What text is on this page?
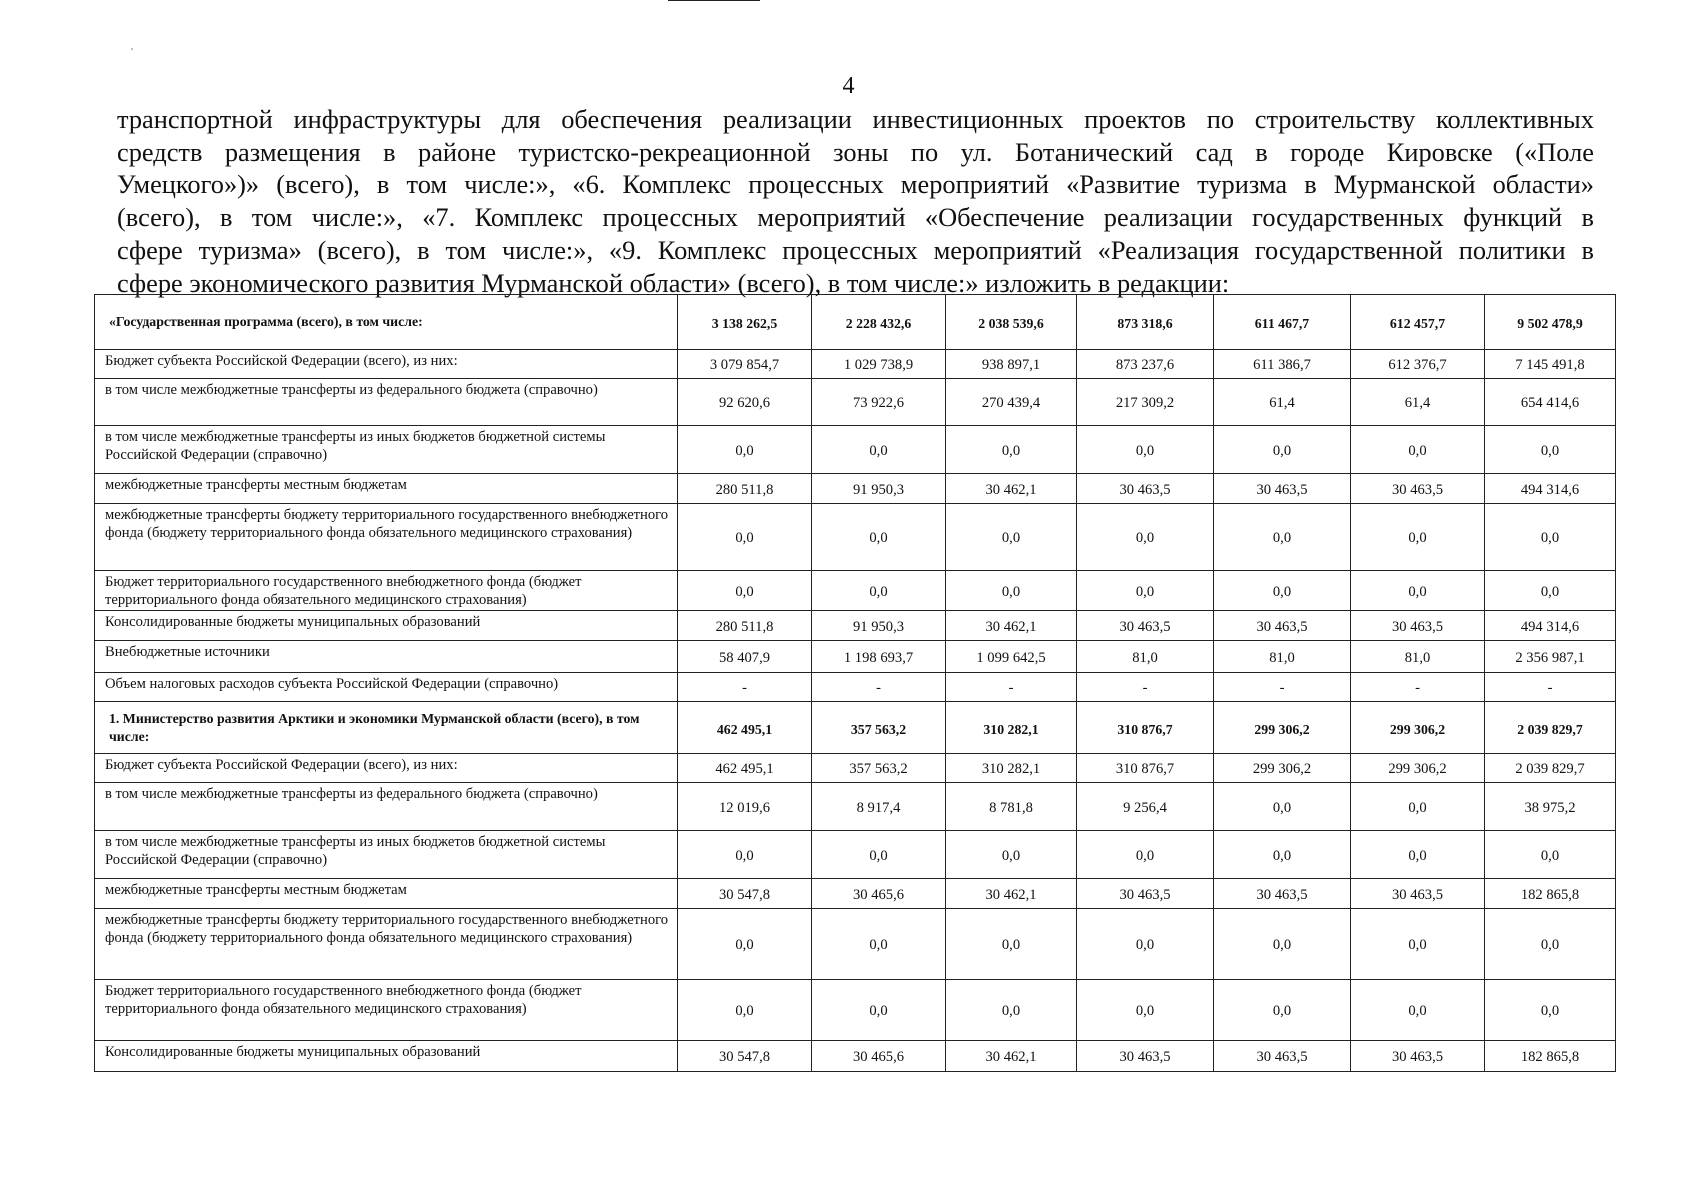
4
транспортной инфраструктуры для обеспечения реализации инвестиционных проектов по строительству коллективных
средств размещения в районе туристско-рекреационной зоны по ул. Ботанический сад в городе Кировске («Поле
Умецкого»)» (всего), в том числе:», «6. Комплекс процессных мероприятий «Развитие туризма в Мурманской области»
(всего), в том числе:», «7. Комплекс процессных мероприятий «Обеспечение реализации государственных функций в
сфере туризма» (всего), в том числе:», «9. Комплекс процессных мероприятий «Реализация государственной политики в
сфере экономического развития Мурманской области» (всего), в том числе:» изложить в редакции:
«Государственная программа (всего), в том числе:	3 138 262,5	2 228 432,6	2 038 539,6	873 318,6	611 467,7	612 457,7	9 502 478,9
Бюджет субъекта Российской Федерации (всего), из них:	3 079 854,7	1 029 738,9	938 897,1	873 237,6	611 386,7	612 376,7	7 145 491,8
в том числе межбюджетные трансферты из федерального бюджета (справочно)	92 620,6	73 922,6	270 439,4	217 309,2	61,4	61,4	654 414,6
в том числе межбюджетные трансферты из иных бюджетов бюджетной системы Российской Федерации (справочно)	0,0	0,0	0,0	0,0	0,0	0,0	0,0
межбюджетные трансферты местным бюджетам	280 511,8	91 950,3	30 462,1	30 463,5	30 463,5	30 463,5	494 314,6
межбюджетные трансферты бюджету территориального государственного внебюджетного фонда (бюджету территориального фонда обязательного медицинского страхования)	0,0	0,0	0,0	0,0	0,0	0,0	0,0
Бюджет территориального государственного внебюджетного фонда (бюджет территориального фонда обязательного медицинского страхования)	0,0	0,0	0,0	0,0	0,0	0,0	0,0
Консолидированные бюджеты муниципальных образований	280 511,8	91 950,3	30 462,1	30 463,5	30 463,5	30 463,5	494 314,6
Внебюджетные источники	58 407,9	1 198 693,7	1 099 642,5	81,0	81,0	81,0	2 356 987,1
Объем налоговых расходов субъекта Российской Федерации (справочно)	-	-	-	-	-	-	-
1. Министерство развития Арктики и экономики Мурманской области (всего), в том числе:	462 495,1	357 563,2	310 282,1	310 876,7	299 306,2	299 306,2	2 039 829,7
Бюджет субъекта Российской Федерации (всего), из них:	462 495,1	357 563,2	310 282,1	310 876,7	299 306,2	299 306,2	2 039 829,7
в том числе межбюджетные трансферты из федерального бюджета (справочно)	12 019,6	8 917,4	8 781,8	9 256,4	0,0	0,0	38 975,2
в том числе межбюджетные трансферты из иных бюджетов бюджетной системы Российской Федерации (справочно)	0,0	0,0	0,0	0,0	0,0	0,0	0,0
межбюджетные трансферты местным бюджетам	30 547,8	30 465,6	30 462,1	30 463,5	30 463,5	30 463,5	182 865,8
межбюджетные трансферты бюджету территориального государственного внебюджетного фонда (бюджету территориального фонда обязательного медицинского страхования)	0,0	0,0	0,0	0,0	0,0	0,0	0,0
Бюджет территориального государственного внебюджетного фонда (бюджет территориального фонда обязательного медицинского страхования)	0,0	0,0	0,0	0,0	0,0	0,0	0,0
Консолидированные бюджеты муниципальных образований	30 547,8	30 465,6	30 462,1	30 463,5	30 463,5	30 463,5	182 865,8
